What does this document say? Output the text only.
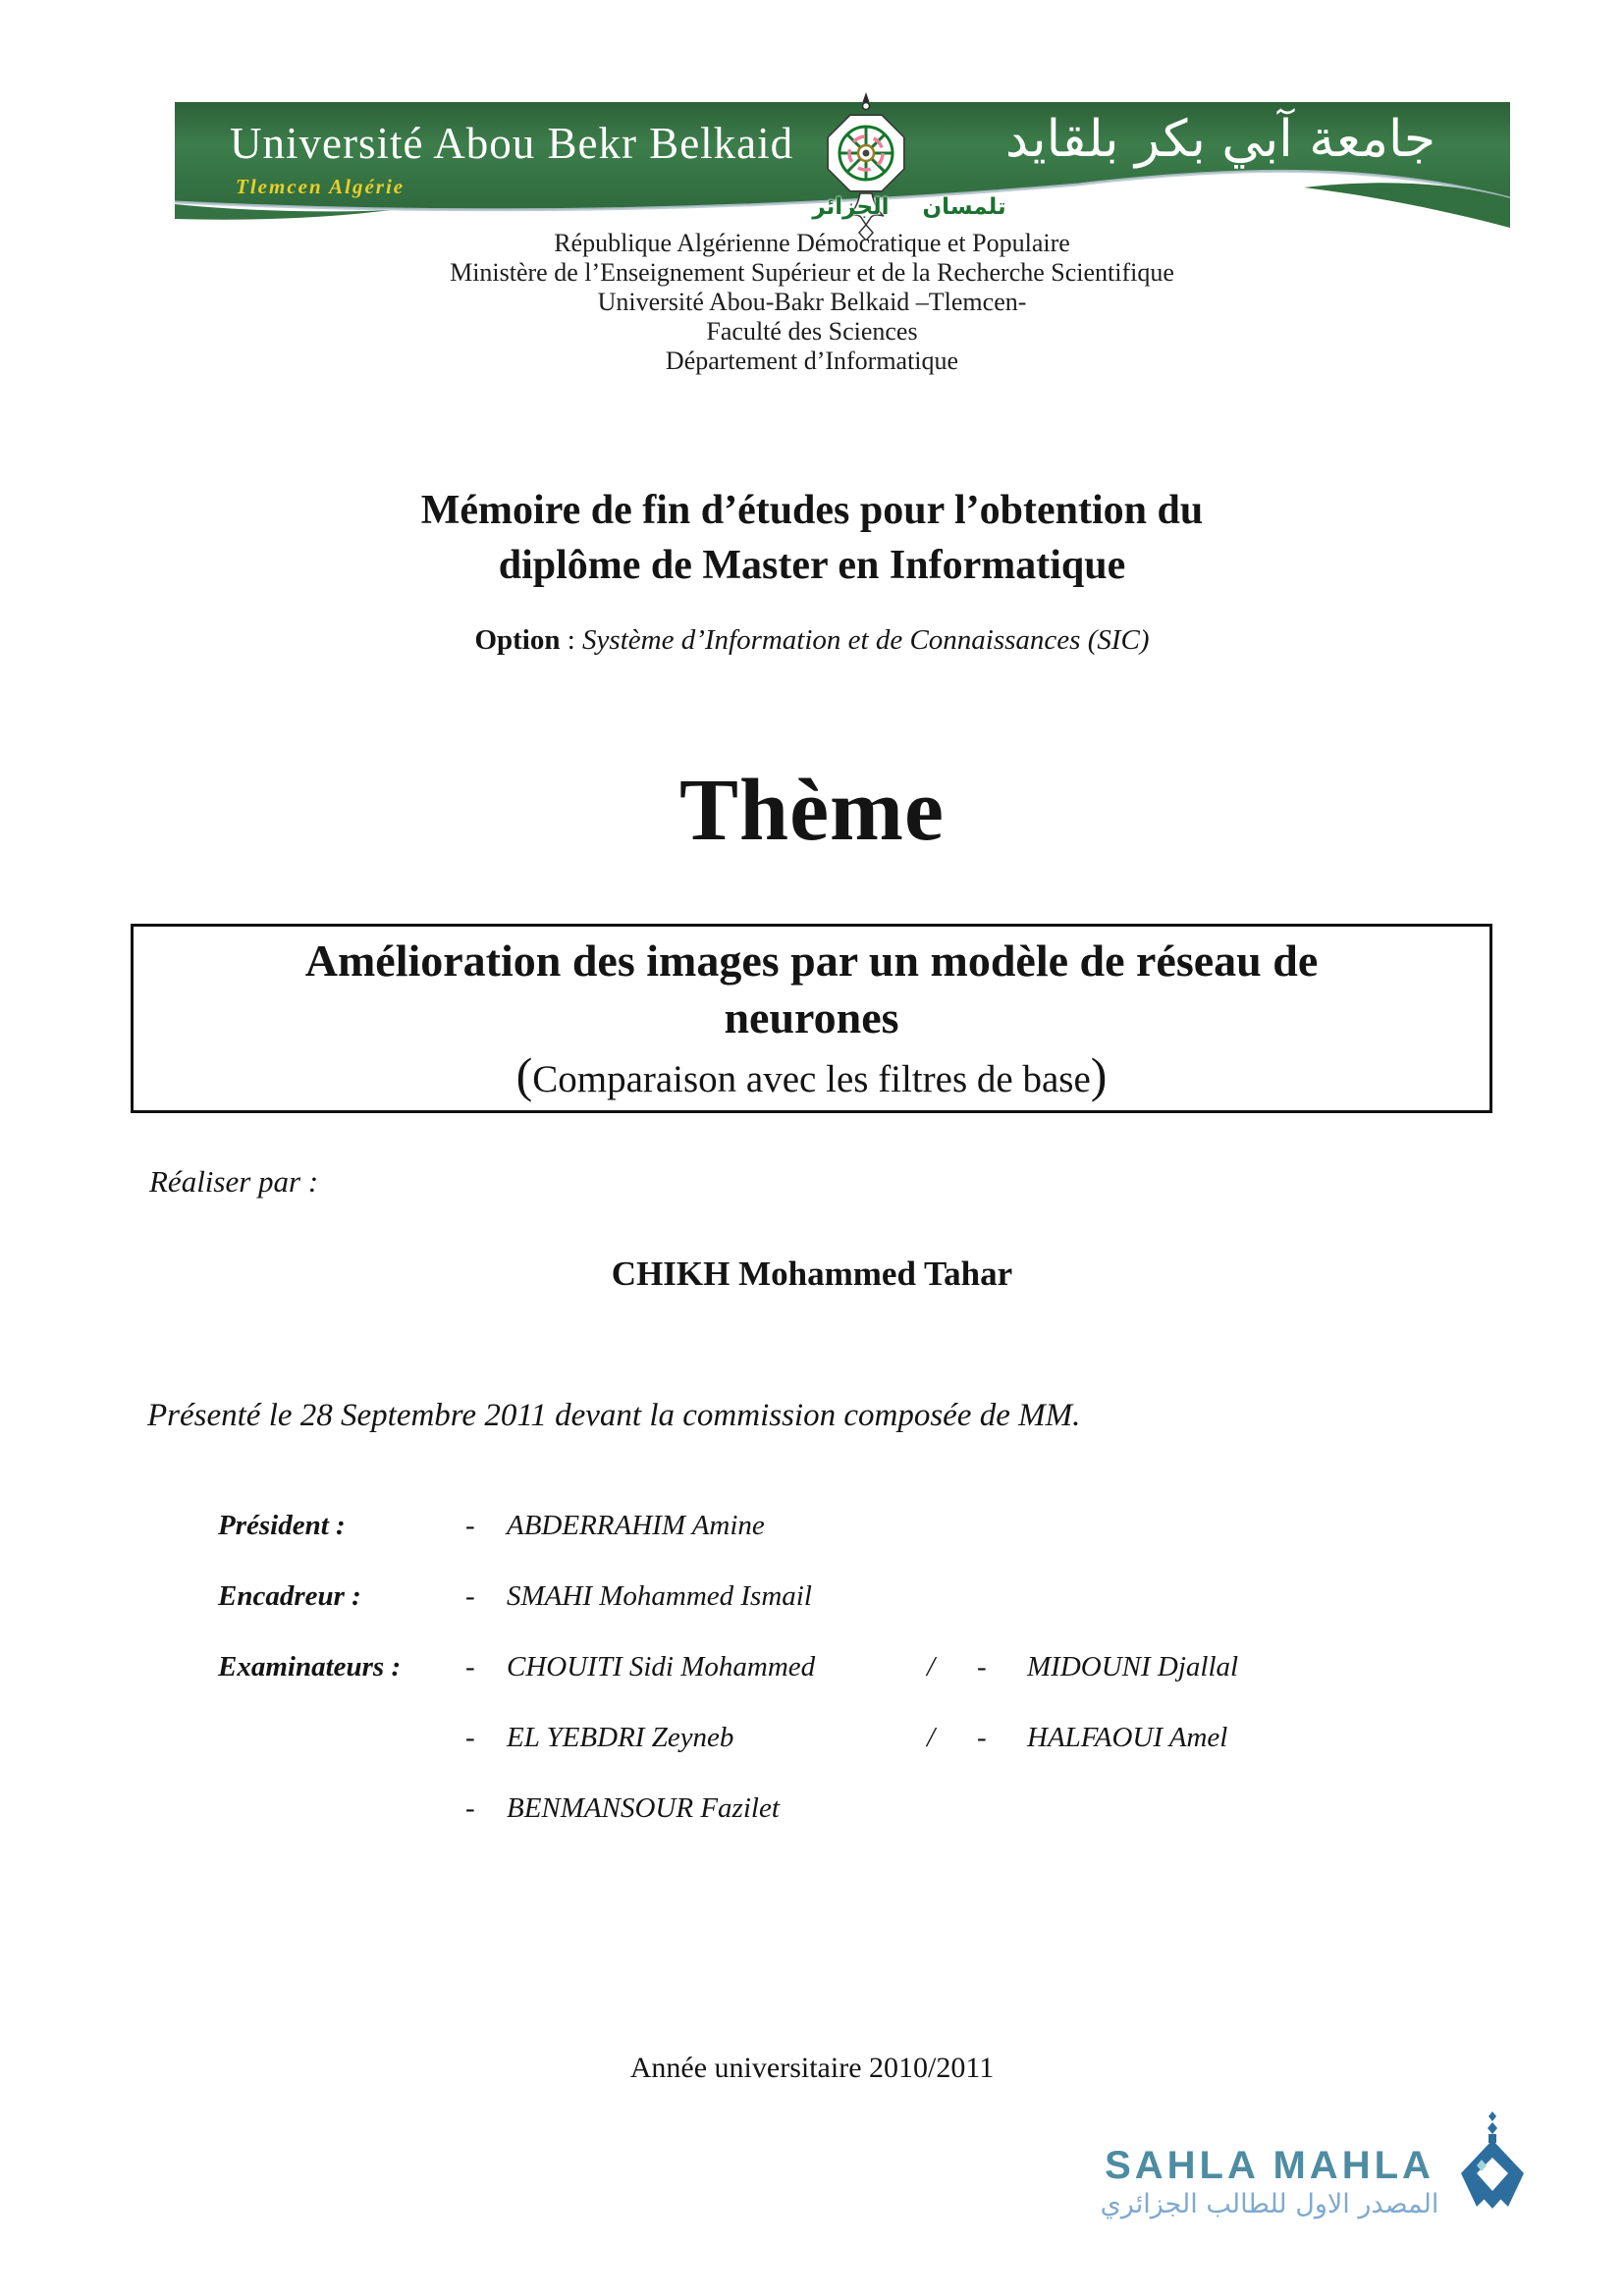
Université Abou Bekr Belkaid
Tlemcen Algérie
جامعة آبي بكر بلقايد
تلمسان الجزائر
République Algérienne Démocratique et Populaire
Ministère de l’Enseignement Supérieur et de la Recherche Scientifique
Université Abou-Bakr Belkaid –Tlemcen-
Faculté des Sciences
Département d’Informatique
Mémoire de fin d’études pour l’obtention du
diplôme de Master en Informatique
Option : Système d’Information et de Connaissances (SIC)
Thème
Amélioration des images par un modèle de réseau de
neurones
(Comparaison avec les filtres de base)
Réaliser par :
CHIKH Mohammed Tahar
Présenté le 28 Septembre 2011 devant la commission composée de MM.
Président :	- ABDERRAHIM Amine
Encadreur :	- SMAHI Mohammed Ismail
Examinateurs : - CHOUITI Sidi Mohammed	/ - MIDOUNI Djallal
- EL YEBDRI Zeyneb	/ - HALFAOUI Amel
- BENMANSOUR Fazilet
Année universitaire 2010/2011
SAHLA MAHLA
المصدر الاول للطالب الجزائري
